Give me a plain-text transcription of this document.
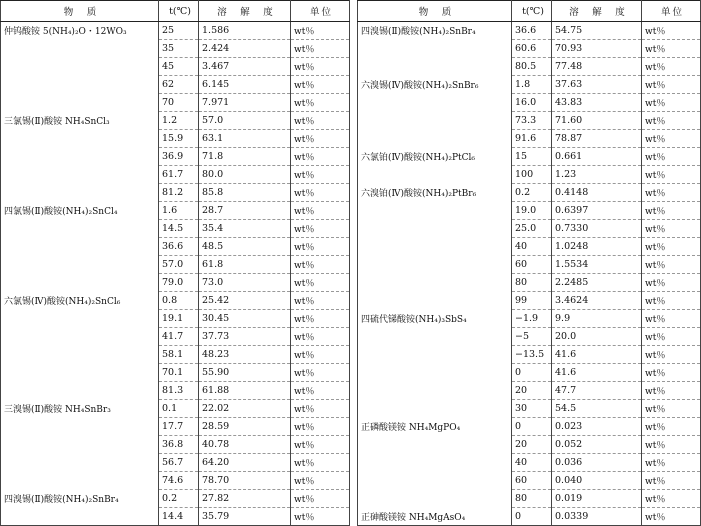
物　质	t(℃)	溶　解　度	单位
仲钨酸铵 5(NH₄)₂O・12WO₃	25	1.586	wt％
	35	2.424	wt％
	45	3.467	wt％
	62	6.145	wt％
	70	7.971	wt％
三氯锡(Ⅱ)酸铵 NH₄SnCl₃	1.2	57.0	wt％
	15.9	63.1	wt％
	36.9	71.8	wt％
	61.7	80.0	wt％
	81.2	85.8	wt％
四氯锡(Ⅱ)酸铵(NH₄)₂SnCl₄	1.6	28.7	wt％
	14.5	35.4	wt％
	36.6	48.5	wt％
	57.0	61.8	wt％
	79.0	73.0	wt％
六氯锡(Ⅳ)酸铵(NH₄)₂SnCl₆	0.8	25.42	wt％
	19.1	30.45	wt％
	41.7	37.73	wt％
	58.1	48.23	wt％
	70.1	55.90	wt％
	81.3	61.88	wt％
三溴锡(Ⅱ)酸铵 NH₄SnBr₃	0.1	22.02	wt％
	17.7	28.59	wt％
	36.8	40.78	wt％
	56.7	64.20	wt％
	74.6	78.70	wt％
四溴锡(Ⅱ)酸铵(NH₄)₂SnBr₄	0.2	27.82	wt％
	14.4	35.79	wt％
物　质	t(℃)	溶　解　度	单位
四溴锡(Ⅱ)酸铵(NH₄)₂SnBr₄	36.6	54.75	wt％
	60.6	70.93	wt％
	80.5	77.48	wt％
六溴锡(Ⅳ)酸铵(NH₄)₂SnBr₆	1.8	37.63	wt％
	16.0	43.83	wt％
	73.3	71.60	wt％
	91.6	78.87	wt％
六氯铂(Ⅳ)酸铵(NH₄)₂PtCl₆	15	0.661	wt％
	100	1.23	wt％
六溴铂(Ⅳ)酸铵(NH₄)₂PtBr₆	0.2	0.4148	wt％
	19.0	0.6397	wt％
	25.0	0.7330	wt％
	40	1.0248	wt％
	60	1.5534	wt％
	80	2.2485	wt％
	99	3.4624	wt％
四硫代锑酸铵(NH₄)₃SbS₄	−1.9	9.9	wt％
	−5	20.0	wt％
	−13.5	41.6	wt％
	0	41.6	wt％
	20	47.7	wt％
	30	54.5	wt％
正磷酸镁铵 NH₄MgPO₄	0	0.023	wt％
	20	0.052	wt％
	40	0.036	wt％
	60	0.040	wt％
	80	0.019	wt％
正砷酸镁铵 NH₄MgAsO₄	0	0.0339	wt％
